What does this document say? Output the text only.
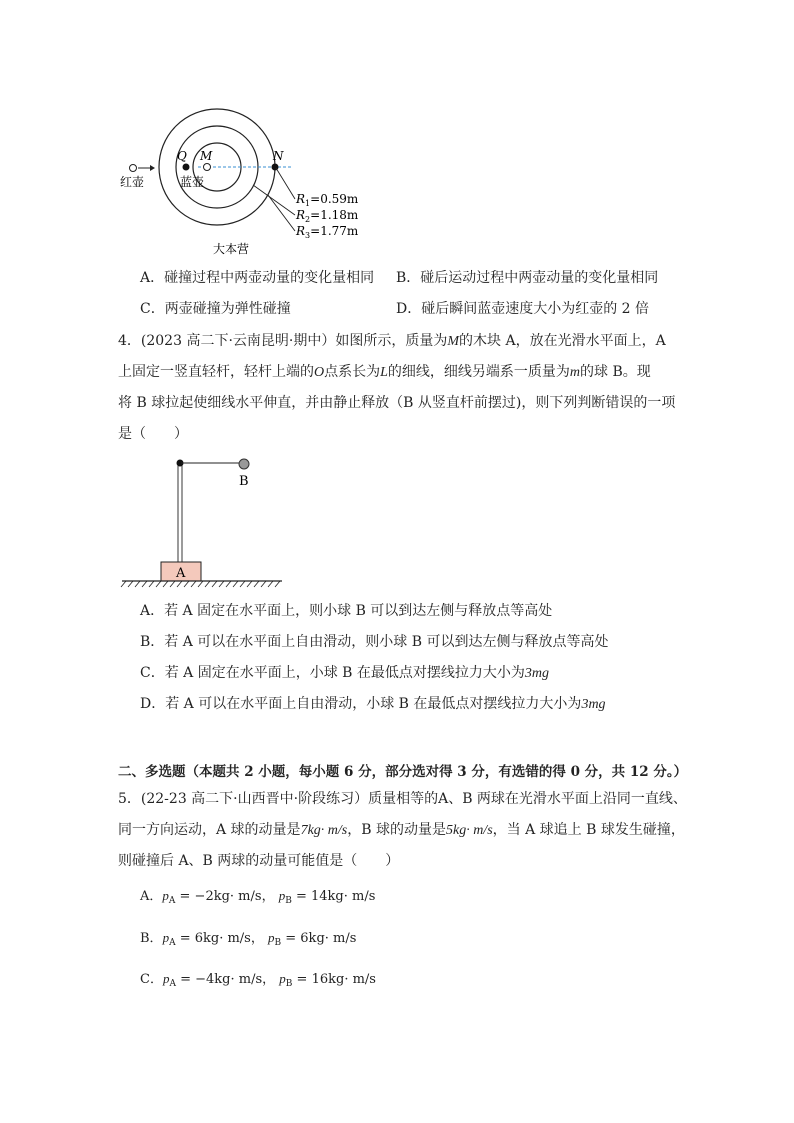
Q M	N
红壶	蓝壶
$R_1=0.59m$
$R_2=1.18m$
$R_3=1.77m$
大本营
A．碰撞过程中两壶动量的变化量相同 B．碰后运动过程中两壶动量的变化量相同
C．两壶碰撞为弹性碰撞	D．碰后瞬间蓝壶速度大小为红壶的 2 倍
4．(2023 高二下·云南昆明·期中）如图所示，质量为M的木块 A，放在光滑水平面上，A
上固定一竖直轻杆，轻杆上端的O点系长为L的细线，细线另端系一质量为m的球 B。现
将 B 球拉起使细线水平伸直，并由静止释放（B 从竖直杆前摆过)，则下列判断错误的一项
是（　　）
B
A
A．若 A 固定在水平面上，则小球 B 可以到达左侧与释放点等高处
B．若 A 可以在水平面上自由滑动，则小球 B 可以到达左侧与释放点等高处
C．若 A 固定在水平面上，小球 B 在最低点对摆线拉力大小为3mg
D．若 A 可以在水平面上自由滑动，小球 B 在最低点对摆线拉力大小为3mg
二、多选题（本题共 2 小题，每小题 6 分，部分选对得 3 分，有选错的得 0 分，共 12 分。）
5．(22-23 高二下·山西晋中·阶段练习）质量相等的A、B 两球在光滑水平面上沿同一直线、
同一方向运动，A 球的动量是7kg· m/s，B 球的动量是5kg· m/s，当 A 球追上 B 球发生碰撞，
则碰撞后 A、B 两球的动量可能值是（　　）
A．$p_A = -2kg\cdot m/s$， $p_B = 14kg\cdot m/s$
B．$p_A = 6kg\cdot m/s$， $p_B = 6kg\cdot m/s$
C．$p_A = -4kg\cdot m/s$， $p_B = 16kg\cdot m/s$
